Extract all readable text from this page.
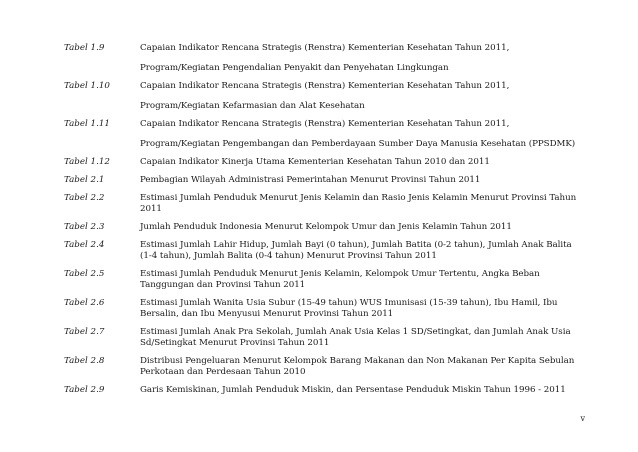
Tabel 1.9	Capaian Indikator Rencana Strategis (Renstra) Kementerian Kesehatan Tahun 2011,
Program/Kegiatan Pengendalian Penyakit dan Penyehatan Lingkungan
Tabel 1.10	Capaian Indikator Rencana Strategis (Renstra) Kementerian Kesehatan Tahun 2011,
Program/Kegiatan Kefarmasian dan Alat Kesehatan
Tabel 1.11	Capaian Indikator Rencana Strategis (Renstra) Kementerian Kesehatan Tahun 2011,
Program/Kegiatan Pengembangan dan Pemberdayaan Sumber Daya Manusia Kesehatan (PPSDMK)
Tabel 1.12	Capaian Indikator Kinerja Utama Kementerian Kesehatan Tahun 2010 dan 2011
Tabel 2.1	Pembagian Wilayah Administrasi Pemerintahan Menurut Provinsi Tahun 2011
Tabel 2.2	Estimasi Jumlah Penduduk Menurut Jenis Kelamin dan Rasio Jenis Kelamin Menurut Provinsi Tahun
2011
Tabel 2.3	Jumlah Penduduk Indonesia Menurut Kelompok Umur dan Jenis Kelamin Tahun 2011
Tabel 2.4	Estimasi Jumlah Lahir Hidup, Jumlah Bayi (0 tahun), Jumlah Batita (0-2 tahun), Jumlah Anak Balita
(1-4 tahun), Jumlah Balita (0-4 tahun) Menurut Provinsi Tahun 2011
Tabel 2.5	Estimasi Jumlah Penduduk Menurut Jenis Kelamin, Kelompok Umur Tertentu, Angka Beban
Tanggungan dan Provinsi Tahun 2011
Tabel 2.6	Estimasi Jumlah Wanita Usia Subur (15-49 tahun) WUS Imunisasi (15-39 tahun), Ibu Hamil, Ibu
Bersalin, dan Ibu Menyusui Menurut Provinsi Tahun 2011
Tabel 2.7	Estimasi Jumlah Anak Pra Sekolah, Jumlah Anak Usia Kelas 1 SD/Setingkat, dan Jumlah Anak Usia
Sd/Setingkat Menurut Provinsi Tahun 2011
Tabel 2.8	Distribusi Pengeluaran Menurut Kelompok Barang Makanan dan Non Makanan Per Kapita Sebulan
Perkotaan dan Perdesaan Tahun 2010
Tabel 2.9	Garis Kemiskinan, Jumlah Penduduk Miskin, dan Persentase Penduduk Miskin Tahun 1996 - 2011
v
